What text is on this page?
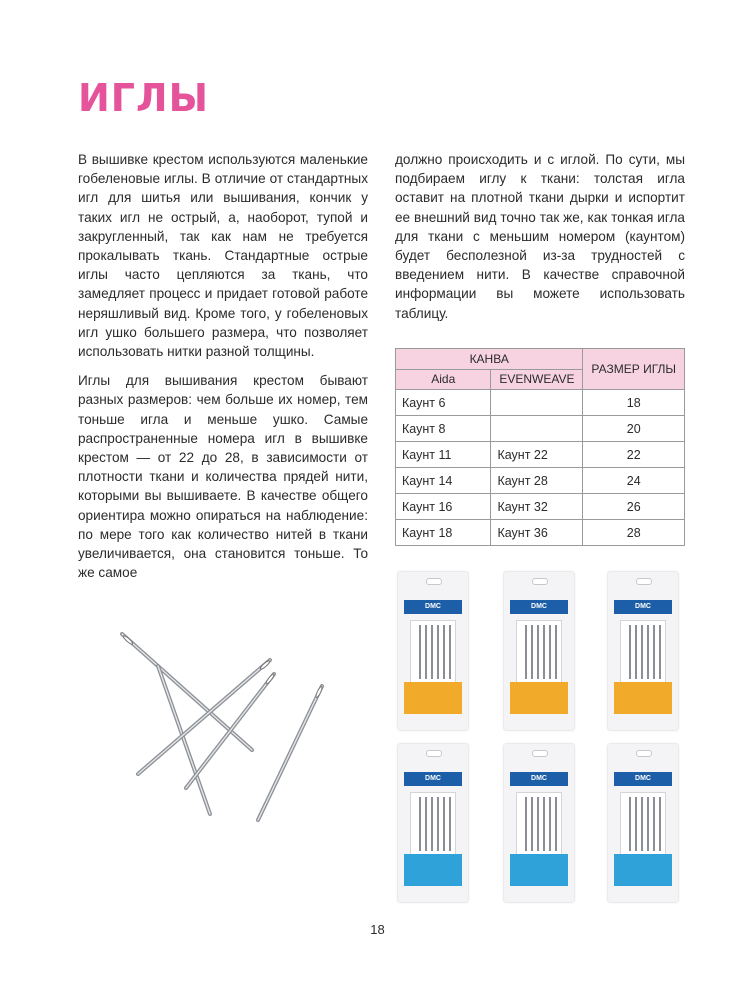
ИГЛЫ

В вышивке крестом используются маленькие гобеленовые иглы. В отличие от стандартных игл для шитья или вышивания, кончик у таких игл не острый, а, наоборот, тупой и закругленный, так как нам не требуется прокалывать ткань. Стандартные острые иглы часто цепляются за ткань, что замедляет процесс и придает готовой работе неряшливый вид. Кроме того, у гобеленовых игл ушко большего размера, что позволяет использовать нитки разной толщины.

Иглы для вышивания крестом бывают разных размеров: чем больше их номер, тем тоньше игла и меньше ушко. Самые распространенные номера игл в вышивке крестом — от 22 до 28, в зависимости от плотности ткани и количества прядей нити, которыми вы вышиваете. В качестве общего ориентира можно опираться на наблюдение: по мере того как количество нитей в ткани увеличивается, она становится тоньше. То же самое

должно происходить и с иглой. По сути, мы подбираем иглу к ткани: толстая игла оставит на плотной ткани дырки и испортит ее внешний вид точно так же, как тонкая игла для ткани с меньшим номером (каунтом) будет бесполезной из-за трудностей с введением нити. В качестве справочной информации вы можете использовать таблицу.

КАНВА		РАЗМЕР ИГЛЫ
Aida	EVENWEAVE	
Каунт 6		18
Каунт 8		20
Каунт 11	Каунт 22	22
Каунт 14	Каунт 28	24
Каунт 16	Каунт 32	26
Каунт 18	Каунт 36	28
DMC	DMC	DMC
DMC	DMC	DMC
18
